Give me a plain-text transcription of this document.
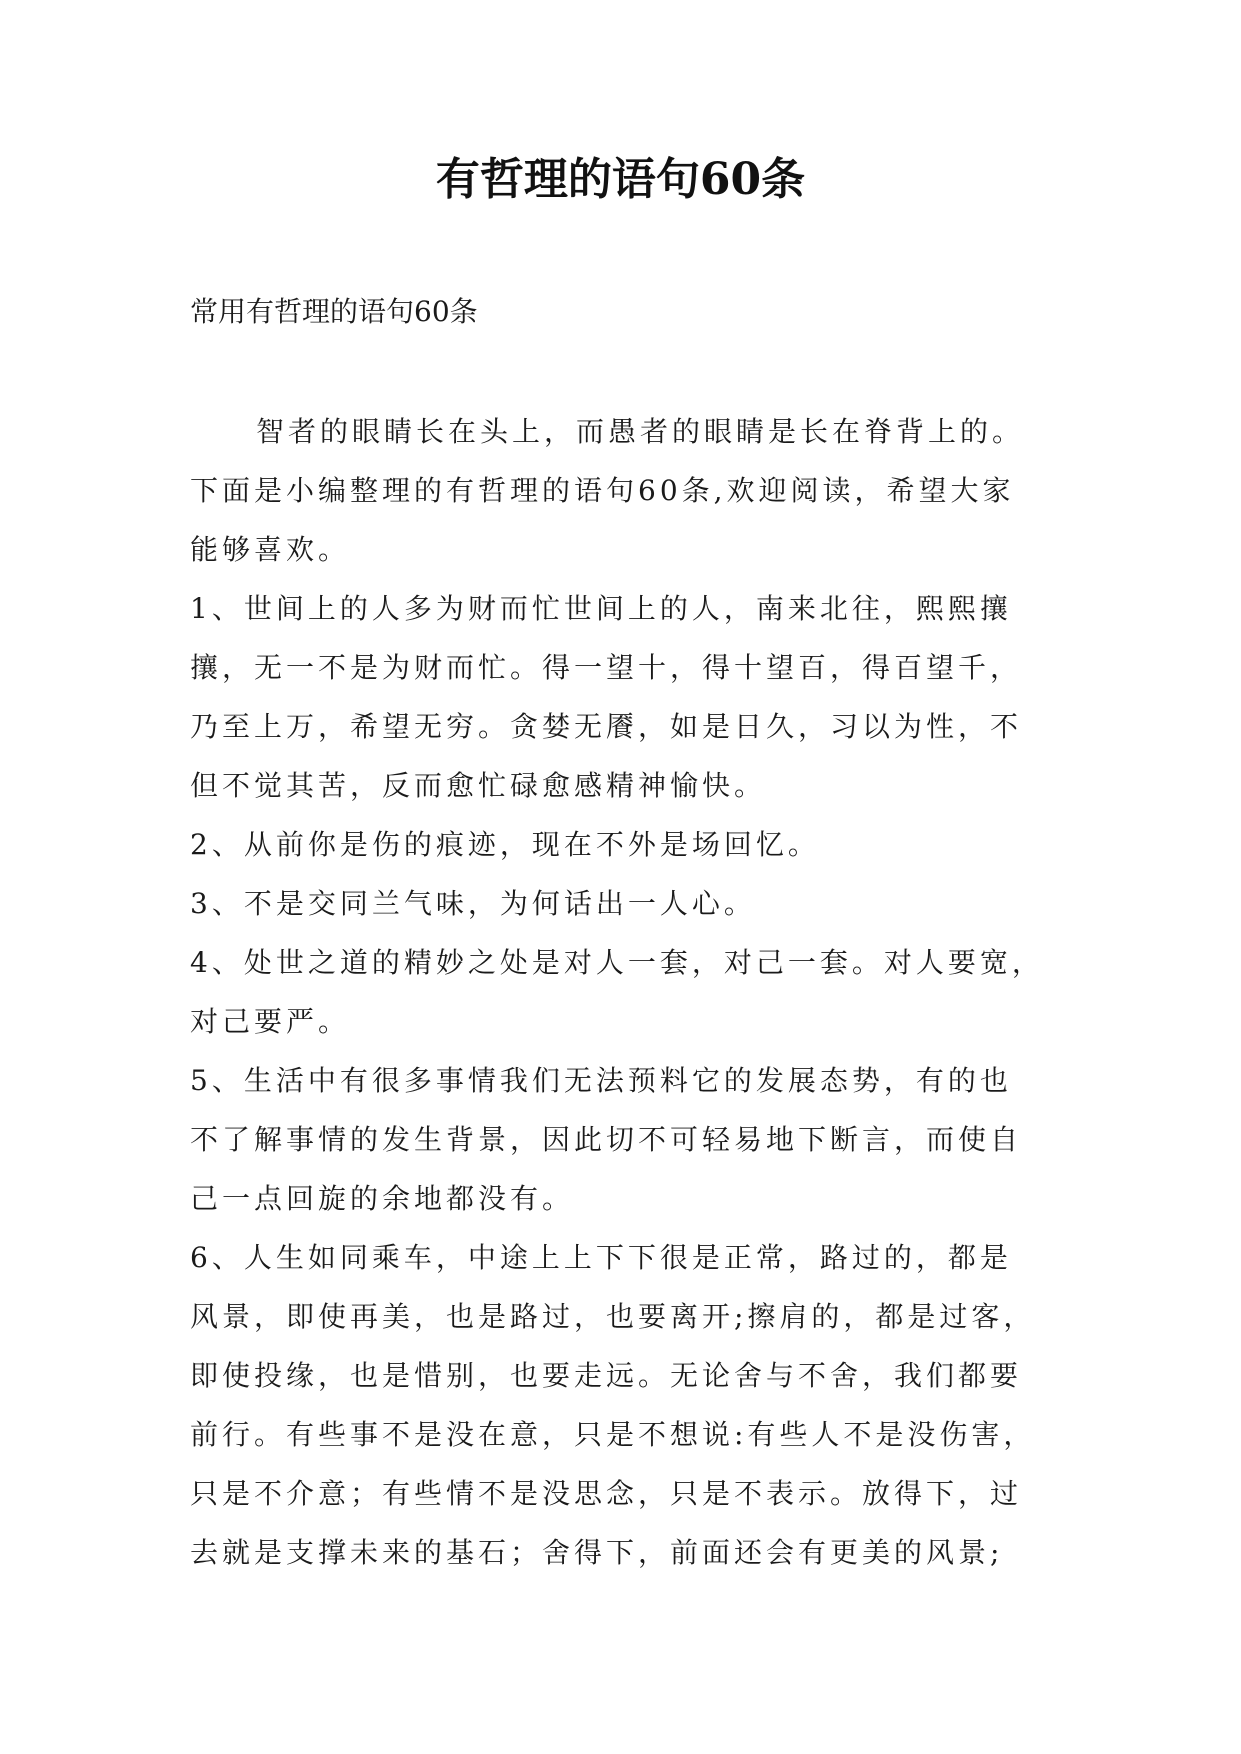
有哲理的语句60条

常用有哲理的语句60条

智者的眼睛长在头上，而愚者的眼睛是长在脊背上的。
下面是小编整理的有哲理的语句60条,欢迎阅读，希望大家
能够喜欢。
1、世间上的人多为财而忙世间上的人，南来北往，熙熙攘
攘，无一不是为财而忙。得一望十，得十望百，得百望千，
乃至上万，希望无穷。贪婪无餍，如是日久，习以为性，不
但不觉其苦，反而愈忙碌愈感精神愉快。
2、从前你是伤的痕迹，现在不外是场回忆。
3、不是交同兰气味，为何话出一人心。
4、处世之道的精妙之处是对人一套，对己一套。对人要宽，
对己要严。
5、生活中有很多事情我们无法预料它的发展态势，有的也
不了解事情的发生背景，因此切不可轻易地下断言，而使自
己一点回旋的余地都没有。
6、人生如同乘车，中途上上下下很是正常，路过的，都是
风景，即使再美，也是路过，也要离开;擦肩的，都是过客，
即使投缘，也是惜别，也要走远。无论舍与不舍，我们都要
前行。有些事不是没在意，只是不想说:有些人不是没伤害，
只是不介意；有些情不是没思念，只是不表示。放得下，过
去就是支撑未来的基石；舍得下，前面还会有更美的风景;
